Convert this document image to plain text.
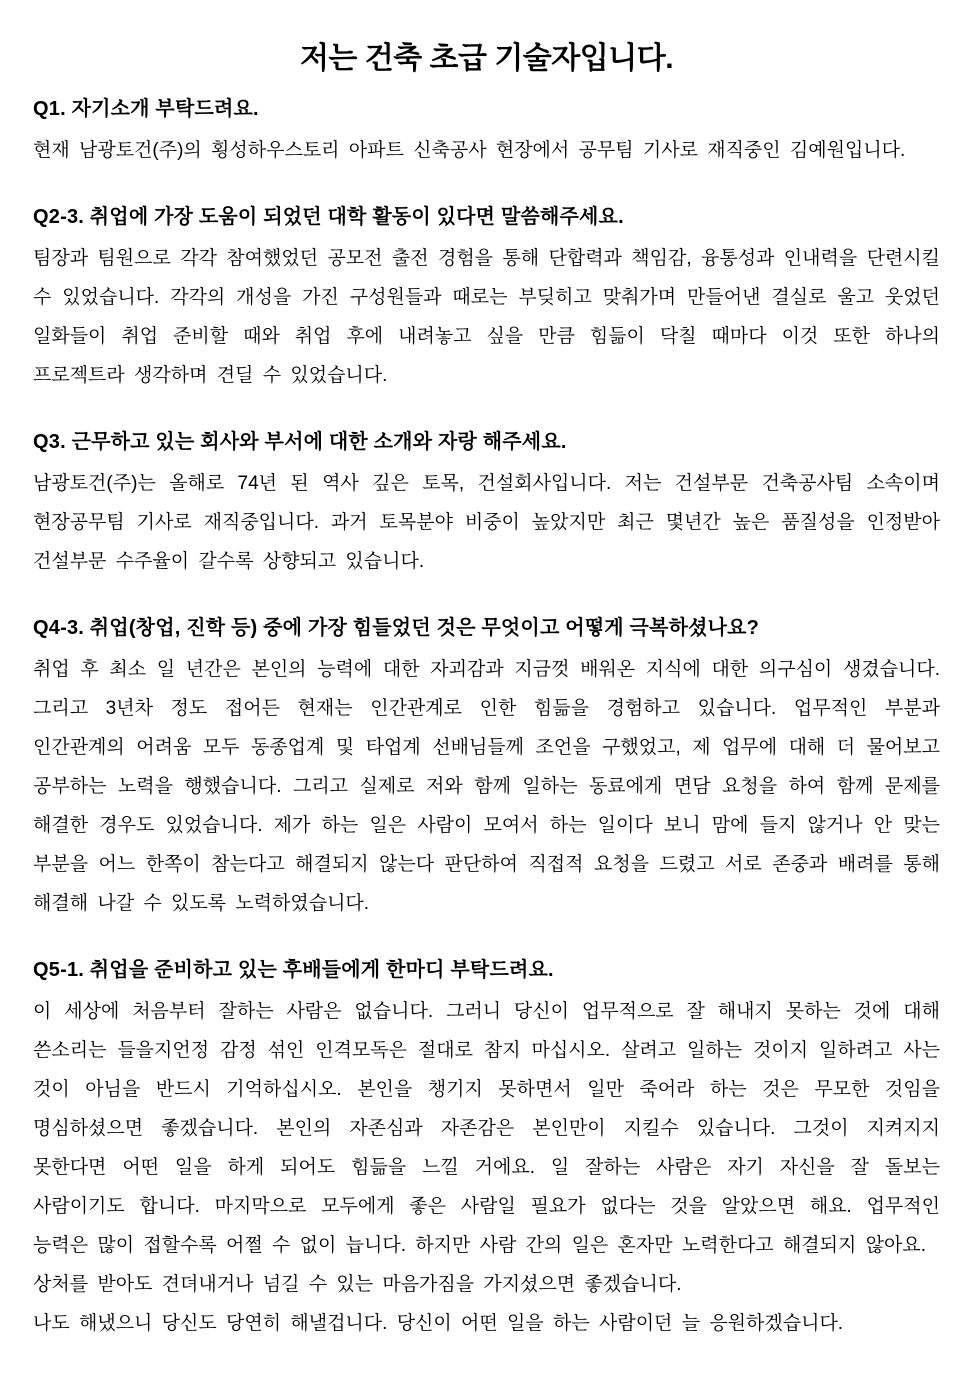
저는 건축 초급 기술자입니다.
Q1. 자기소개 부탁드려요.

현재 남광토건(주)의 횡성하우스토리 아파트 신축공사 현장에서 공무팀 기사로 재직중인 김예원입니다.

Q2-3. 취업에 가장 도움이 되었던 대학 활동이 있다면 말씀해주세요.

팀장과 팀원으로 각각 참여했었던 공모전 출전 경험을 통해 단합력과 책임감, 융통성과 인내력을 단련시킬 수 있었습니다. 각각의 개성을 가진 구성원들과 때로는 부딪히고 맞춰가며 만들어낸 결실로 울고 웃었던 일화들이 취업 준비할 때와 취업 후에 내려놓고 싶을 만큼 힘듦이 닥칠 때마다 이것 또한 하나의 프로젝트라 생각하며 견딜 수 있었습니다.

Q3. 근무하고 있는 회사와 부서에 대한 소개와 자랑 해주세요.

남광토건(주)는 올해로 74년 된 역사 깊은 토목, 건설회사입니다. 저는 건설부문 건축공사팀 소속이며 현장공무팀 기사로 재직중입니다. 과거 토목분야 비중이 높았지만 최근 몇년간 높은 품질성을 인정받아 건설부문 수주율이 갈수록 상향되고 있습니다.

Q4-3. 취업(창업, 진학 등) 중에 가장 힘들었던 것은 무엇이고 어떻게 극복하셨나요?

취업 후 최소 일 년간은 본인의 능력에 대한 자괴감과 지금껏 배워온 지식에 대한 의구심이 생겼습니다. 그리고 3년차 정도 접어든 현재는 인간관계로 인한 힘듦을 경험하고 있습니다. 업무적인 부분과 인간관계의 어려움 모두 동종업계 및 타업계 선배님들께 조언을 구했었고, 제 업무에 대해 더 물어보고 공부하는 노력을 행했습니다. 그리고 실제로 저와 함께 일하는 동료에게 면담 요청을 하여 함께 문제를 해결한 경우도 있었습니다. 제가 하는 일은 사람이 모여서 하는 일이다 보니 맘에 들지 않거나 안 맞는 부분을 어느 한쪽이 참는다고 해결되지 않는다 판단하여 직접적 요청을 드렸고 서로 존중과 배려를 통해 해결해 나갈 수 있도록 노력하였습니다.

Q5-1. 취업을 준비하고 있는 후배들에게 한마디 부탁드려요.

이 세상에 처음부터 잘하는 사람은 없습니다. 그러니 당신이 업무적으로 잘 해내지 못하는 것에 대해 쓴소리는 들을지언정 감정 섞인 인격모독은 절대로 참지 마십시오. 살려고 일하는 것이지 일하려고 사는 것이 아님을 반드시 기억하십시오. 본인을 챙기지 못하면서 일만 죽어라 하는 것은 무모한 것임을 명심하셨으면 좋겠습니다. 본인의 자존심과 자존감은 본인만이 지킬수 있습니다. 그것이 지켜지지 못한다면 어떤 일을 하게 되어도 힘듦을 느낄 거에요. 일 잘하는 사람은 자기 자신을 잘 돌보는 사람이기도 합니다. 마지막으로 모두에게 좋은 사람일 필요가 없다는 것을 알았으면 해요. 업무적인 능력은 많이 접할수록 어쩔 수 없이 늡니다. 하지만 사람 간의 일은 혼자만 노력한다고 해결되지 않아요.

상처를 받아도 견뎌내거나 넘길 수 있는 마음가짐을 가지셨으면 좋겠습니다.

나도 해냈으니 당신도 당연히 해낼겁니다. 당신이 어떤 일을 하는 사람이던 늘 응원하겠습니다.
